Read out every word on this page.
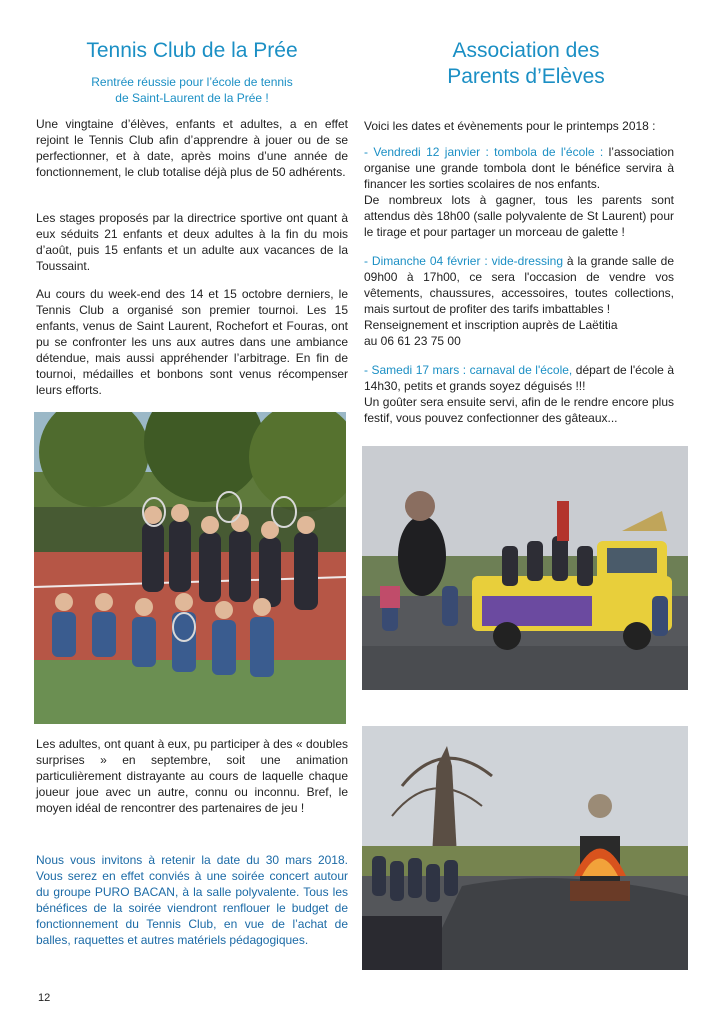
Tennis Club de la Prée
Rentrée réussie pour l’école de tennis
de Saint-Laurent de la Prée !

Une vingtaine d’élèves, enfants et adultes, a en effet rejoint le Tennis Club afin d’apprendre à jouer ou de se perfectionner, et à date, après moins d’une année de fonctionnement, le club totalise déjà plus de 50 adhérents.

Les stages proposés par la directrice sportive ont quant à eux séduits 21 enfants et deux adultes à la fin du mois d’août, puis 15 enfants et un adulte aux vacances de la Toussaint.

Au cours du week-end des 14 et 15 octobre derniers, le Tennis Club a organisé son premier tournoi. Les 15 enfants, venus de Saint Laurent, Rochefort et Fouras, ont pu se confronter les uns aux autres dans une ambiance détendue, mais aussi appréhender l’arbitrage. En fin de tournoi, médailles et bonbons sont venus récompenser leurs efforts.

Les adultes, ont quant à eux, pu participer à des « doubles surprises » en septembre, soit une animation particulièrement distrayante au cours de laquelle chaque joueur joue avec un autre, connu ou inconnu. Bref, le moyen idéal de rencontrer des partenaires de jeu !

Nous vous invitons à retenir la date du 30 mars 2018. Vous serez en effet conviés à une soirée concert autour du groupe PURO BACAN, à la salle polyvalente. Tous les bénéfices de la soirée viendront renflouer le budget de fonctionnement du Tennis Club, en vue de l’achat de balles, raquettes et autres matériels pédagogiques.

Association des
Parents d’Elèves

Voici les dates et évènements pour le printemps 2018 :

- Vendredi 12 janvier : tombola de l'école : l’association organise une grande tombola dont le bénéfice servira à financer les sorties scolaires de nos enfants.
De nombreux lots à gagner, tous les parents sont attendus dès 18h00 (salle polyvalente de St Laurent) pour le tirage et pour partager un morceau de galette !

- Dimanche 04 février : vide-dressing à la grande salle de 09h00 à 17h00, ce sera l'occasion de vendre vos vêtements, chaussures, accessoires, toutes collections, mais surtout de profiter des tarifs imbattables !
Renseignement et inscription auprès de Laëtitia
au 06 61 23 75 00

- Samedi 17 mars : carnaval de l'école, départ de l'école à 14h30, petits et grands soyez déguisés !!!
Un goûter sera ensuite servi, afin de le rendre encore plus festif, vous pouvez confectionner des gâteaux...

12
